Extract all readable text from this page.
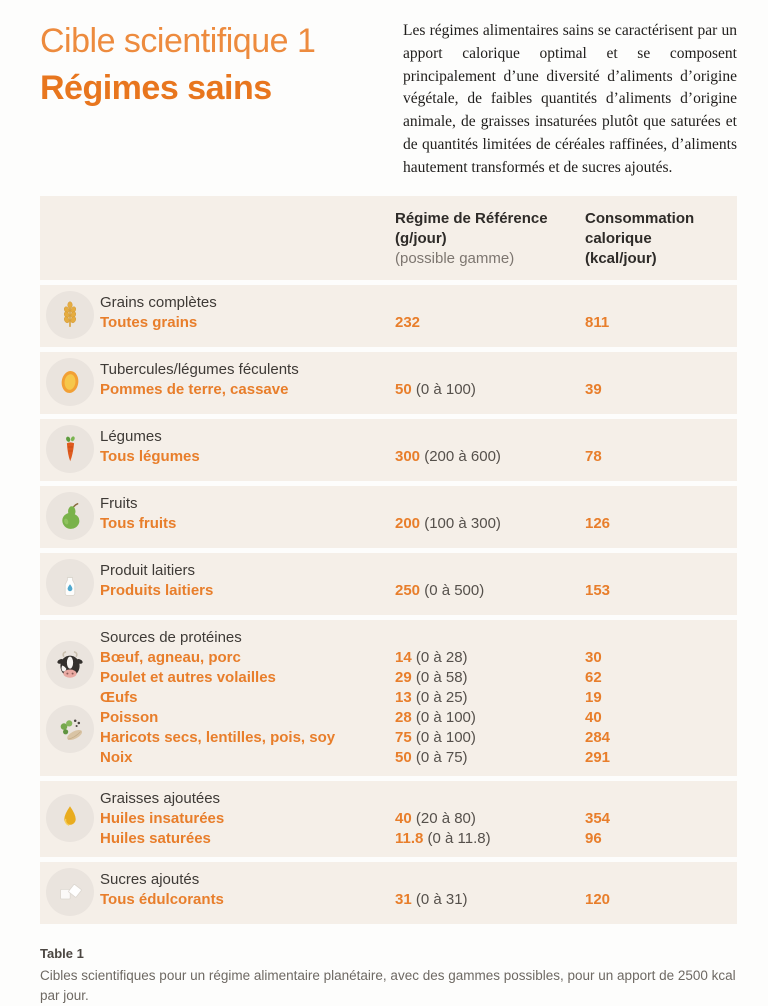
Cible scientifique 1
Régimes sains

Les régimes alimentaires sains se caractérisent par un apport calorique optimal et se composent principalement d’une diversité d’aliments d’origine végétale, de faibles quantités d’aliments d’origine animale, de graisses insaturées plutôt que saturées et de quantités limitées de céréales raffinées, d’aliments hautement transformés et de sucres ajoutés.

Régime de Référence
(g/jour)
(possible gamme)
Consommation
calorique
(kcal/jour)
Grains complètes
Toutes grains	232	811
Tubercules/légumes féculents
Pommes de terre, cassave	50 (0 à 100)	39
Légumes
Tous légumes	300 (200 à 600)	78
Fruits
Tous fruits	200 (100 à 300)	126
Produit laitiers
Produits laitiers	250 (0 à 500)	153
Sources de protéines
Bœuf, agneau, porc	14 (0 à 28)	30
Poulet et autres volailles	29 (0 à 58)	62
Œufs	13 (0 à 25)	19
Poisson	28 (0 à 100)	40
Haricots secs, lentilles, pois, soy	75 (0 à 100)	284
Noix	50 (0 à 75)	291
Graisses ajoutées
Huiles insaturées	40 (20 à 80)	354
Huiles saturées	11.8 (0 à 11.8)	96
Sucres ajoutés
Tous édulcorants	31 (0 à 31)	120
Table 1
Cibles scientifiques pour un régime alimentaire planétaire, avec des gammes possibles, pour un apport de 2500 kcal par jour.
